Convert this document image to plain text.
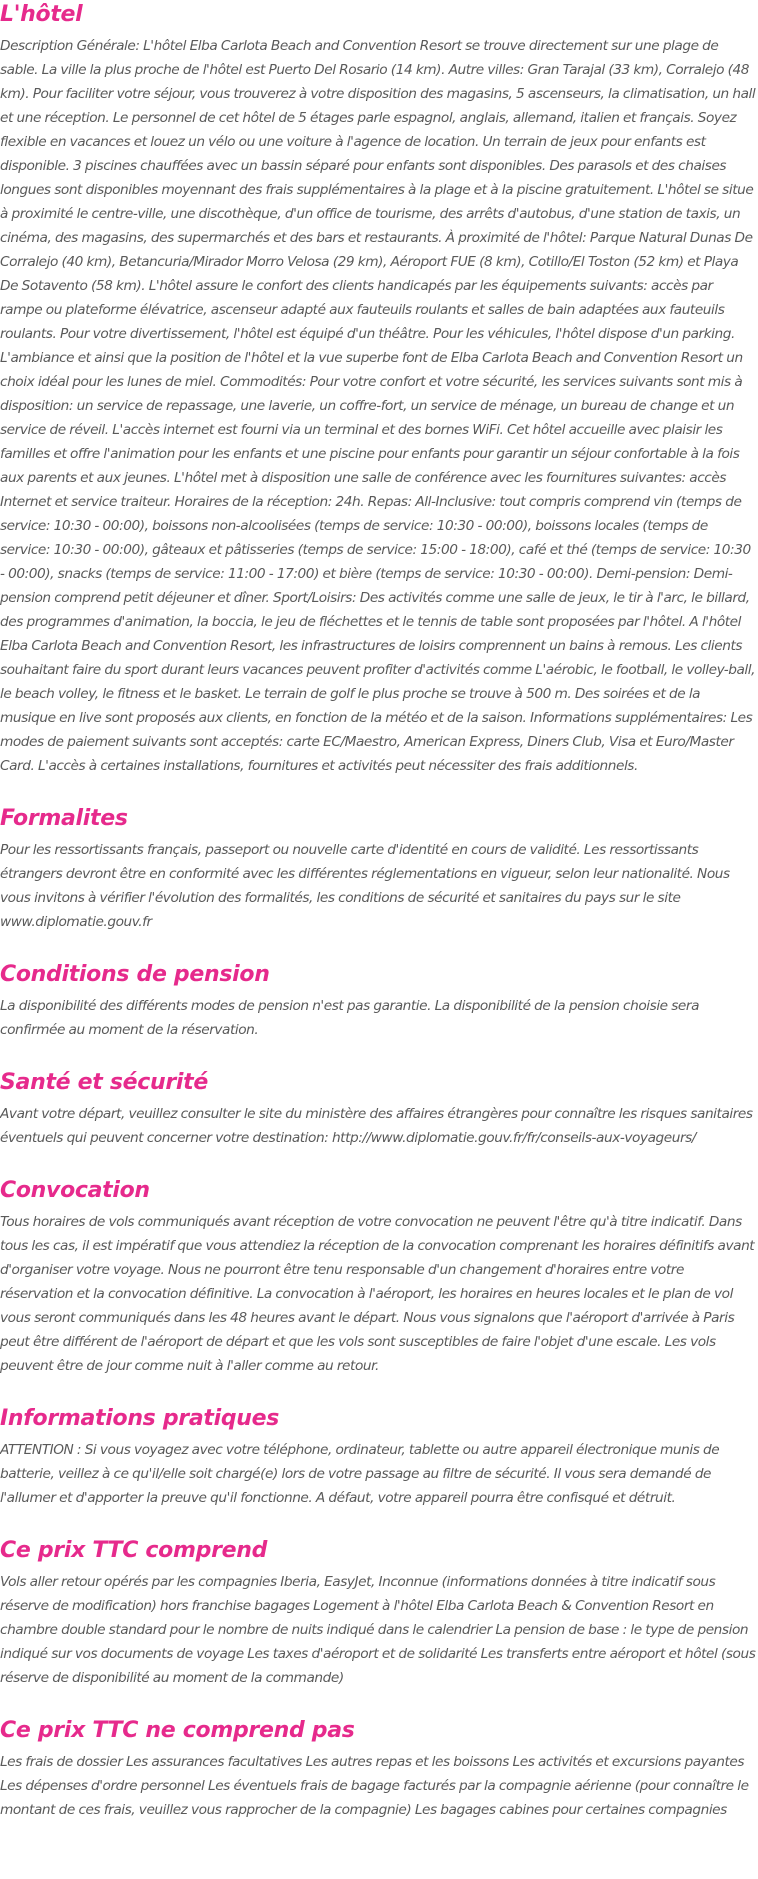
L'hôtel

Description Générale: L'hôtel Elba Carlota Beach and Convention Resort se trouve directement sur une plage de sable. La ville la plus proche de l'hôtel est Puerto Del Rosario (14 km). Autre villes: Gran Tarajal (33 km), Corralejo (48 km). Pour faciliter votre séjour, vous trouverez à votre disposition des magasins, 5 ascenseurs, la climatisation, un hall et une réception. Le personnel de cet hôtel de 5 étages parle espagnol, anglais, allemand, italien et français. Soyez flexible en vacances et louez un vélo ou une voiture à l'agence de location. Un terrain de jeux pour enfants est disponible. 3 piscines chauffées avec un bassin séparé pour enfants sont disponibles. Des parasols et des chaises longues sont disponibles moyennant des frais supplémentaires à la plage et à la piscine gratuitement. L'hôtel se situe à proximité le centre-ville, une discothèque, d'un office de tourisme, des arrêts d'autobus, d'une station de taxis, un cinéma, des magasins, des supermarchés et des bars et restaurants. À proximité de l'hôtel: Parque Natural Dunas De Corralejo (40 km), Betancuria/Mirador Morro Velosa (29 km), Aéroport FUE (8 km), Cotillo/El Toston (52 km) et Playa De Sotavento (58 km). L'hôtel assure le confort des clients handicapés par les équipements suivants: accès par rampe ou plateforme élévatrice, ascenseur adapté aux fauteuils roulants et salles de bain adaptées aux fauteuils roulants. Pour votre divertissement, l'hôtel est équipé d'un théâtre. Pour les véhicules, l'hôtel dispose d'un parking. L'ambiance et ainsi que la position de l'hôtel et la vue superbe font de Elba Carlota Beach and Convention Resort un choix idéal pour les lunes de miel. Commodités: Pour votre confort et votre sécurité, les services suivants sont mis à disposition: un service de repassage, une laverie, un coffre-fort, un service de ménage, un bureau de change et un service de réveil. L'accès internet est fourni via un terminal et des bornes WiFi. Cet hôtel accueille avec plaisir les familles et offre l'animation pour les enfants et une piscine pour enfants pour garantir un séjour confortable à la fois aux parents et aux jeunes. L'hôtel met à disposition une salle de conférence avec les fournitures suivantes: accès Internet et service traiteur. Horaires de la réception: 24h. Repas: All-Inclusive: tout compris comprend vin (temps de service: 10:30 - 00:00), boissons non-alcoolisées (temps de service: 10:30 - 00:00), boissons locales (temps de service: 10:30 - 00:00), gâteaux et pâtisseries (temps de service: 15:00 - 18:00), café et thé (temps de service: 10:30 - 00:00), snacks (temps de service: 11:00 - 17:00) et bière (temps de service: 10:30 - 00:00). Demi-pension: Demi-pension comprend petit déjeuner et dîner. Sport/Loisirs: Des activités comme une salle de jeux, le tir à l'arc, le billard, des programmes d'animation, la boccia, le jeu de fléchettes et le tennis de table sont proposées par l'hôtel. A l'hôtel Elba Carlota Beach and Convention Resort, les infrastructures de loisirs comprennent un bains à remous. Les clients souhaitant faire du sport durant leurs vacances peuvent profiter d'activités comme L'aérobic, le football, le volley-ball, le beach volley, le fitness et le basket. Le terrain de golf le plus proche se trouve à 500 m. Des soirées et de la musique en live sont proposés aux clients, en fonction de la météo et de la saison. Informations supplémentaires: Les modes de paiement suivants sont acceptés: carte EC/Maestro, American Express, Diners Club, Visa et Euro/Master Card. L'accès à certaines installations, fournitures et activités peut nécessiter des frais additionnels.

Formalites

Pour les ressortissants français, passeport ou nouvelle carte d'identité en cours de validité. Les ressortissants étrangers devront être en conformité avec les différentes réglementations en vigueur, selon leur nationalité. Nous vous invitons à vérifier l'évolution des formalités, les conditions de sécurité et sanitaires du pays sur le site www.diplomatie.gouv.fr

Conditions de pension

La disponibilité des différents modes de pension n'est pas garantie. La disponibilité de la pension choisie sera confirmée au moment de la réservation.

Santé et sécurité

Avant votre départ, veuillez consulter le site du ministère des affaires étrangères pour connaître les risques sanitaires éventuels qui peuvent concerner votre destination: http://www.diplomatie.gouv.fr/fr/conseils-aux-voyageurs/

Convocation

Tous horaires de vols communiqués avant réception de votre convocation ne peuvent l'être qu'à titre indicatif. Dans tous les cas, il est impératif que vous attendiez la réception de la convocation comprenant les horaires définitifs avant d'organiser votre voyage. Nous ne pourront être tenu responsable d'un changement d'horaires entre votre réservation et la convocation définitive. La convocation à l'aéroport, les horaires en heures locales et le plan de vol vous seront communiqués dans les 48 heures avant le départ. Nous vous signalons que l'aéroport d'arrivée à Paris peut être différent de l'aéroport de départ et que les vols sont susceptibles de faire l'objet d'une escale. Les vols peuvent être de jour comme nuit à l'aller comme au retour.

Informations pratiques

ATTENTION : Si vous voyagez avec votre téléphone, ordinateur, tablette ou autre appareil électronique munis de batterie, veillez à ce qu'il/elle soit chargé(e) lors de votre passage au filtre de sécurité. Il vous sera demandé de l'allumer et d'apporter la preuve qu'il fonctionne. A défaut, votre appareil pourra être confisqué et détruit.

Ce prix TTC comprend

Vols aller retour opérés par les compagnies Iberia, EasyJet, Inconnue (informations données à titre indicatif sous réserve de modification) hors franchise bagages Logement à l'hôtel Elba Carlota Beach & Convention Resort en chambre double standard pour le nombre de nuits indiqué dans le calendrier La pension de base : le type de pension indiqué sur vos documents de voyage Les taxes d'aéroport et de solidarité Les transferts entre aéroport et hôtel (sous réserve de disponibilité au moment de la commande)

Ce prix TTC ne comprend pas

Les frais de dossier Les assurances facultatives Les autres repas et les boissons Les activités et excursions payantes Les dépenses d'ordre personnel Les éventuels frais de bagage facturés par la compagnie aérienne (pour connaître le montant de ces frais, veuillez vous rapprocher de la compagnie) Les bagages cabines pour certaines compagnies
